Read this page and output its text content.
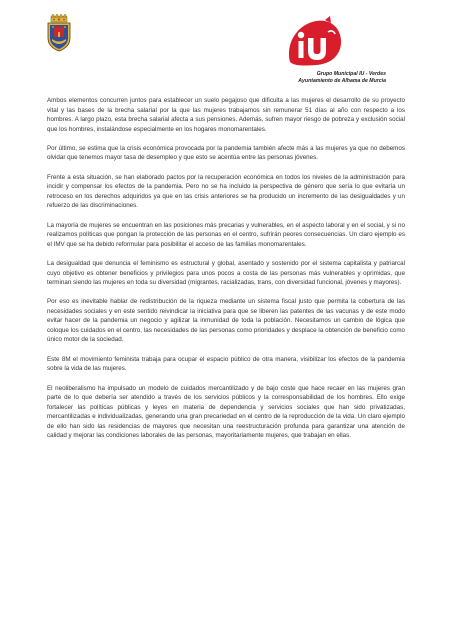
Grupo Municipal IU - Verdes
Ayuntamiento de Alhama de Murcia

Ambos elementos concurren juntos para establecer un suelo pegajoso que dificulta a las mujeres el desarrollo de su proyecto vital y las bases de la brecha salarial por la que las mujeres trabajamos sin remunerar 51 días al año con respecto a los hombres. A largo plazo, esta brecha salarial afecta a sus pensiones. Además, sufren mayor riesgo de pobreza y exclusión social que los hombres, instalándose especialmente en los hogares monomarentales.

Por último, se estima que la crisis económica provocada por la pandemia también afecte más a las mujeres ya que no debemos olvidar que tenemos mayor tasa de desempleo y que esto se acentúa entre las personas jóvenes.

Frente a esta situación, se han elaborado pactos por la recuperación económica en todos los niveles de la administración para incidir y compensar los efectos de la pandemia. Pero no se ha incluido la perspectiva de género que sería lo que evitaría un retroceso en los derechos adquiridos ya que en las crisis anteriores se ha producido un incremento de las desigualdades y un refuerzo de las discriminaciones.

La mayoría de mujeres se encuentran en las posiciones más precarias y vulnerables, en el aspecto laboral y en el social, y si no realizamos políticas que pongan la protección de las personas en el centro, sufrirán peores consecuencias. Un claro ejemplo es el IMV que se ha debido reformular para posibilitar el acceso de las familias monomarentales.

La desigualdad que denuncia el feminismo es estructural y global, asentado y sostenido por el sistema capitalista y patriarcal cuyo objetivo es obtener beneficios y privilegios para unos pocos a costa de las personas más vulnerables y oprimidas, que terminan siendo las mujeres en toda su diversidad (migrantes, racializadas, trans, con diversidad funcional, jóvenes y mayores).

Por eso es inevitable hablar de redistribución de la riqueza mediante un sistema fiscal justo que permita la cobertura de las necesidades sociales y en este sentido reivindicar la iniciativa para que se liberen las patentes de las vacunas y de este modo evitar hacer de la pandemia un negocio y agilizar la inmunidad de toda la población. Necesitamos un cambio de lógica que coloque los cuidados en el centro, las necesidades de las personas como prioridades y desplace la obtención de beneficio como único motor de la sociedad.

Este 8M el movimiento feminista trabaja para ocupar el espacio público de otra manera, visibilizar los efectos de la pandemia sobre la vida de las mujeres.

El neoliberalismo ha impulsado un modelo de cuidados mercantilizado y de bajo coste que hace recaer en las mujeres gran parte de lo que debería ser atendido a través de los servicios públicos y la corresponsabilidad de los hombres. Ello exige fortalecer las políticas públicas y leyes en materia de dependencia y servicios sociales que han sido privatizadas, mercantilizadas e individualizadas, generando una gran precariedad en el centro de la reproducción de la vida. Un claro ejemplo de ello han sido las residencias de mayores que necesitan una reestructuración profunda para garantizar una atención de calidad y mejorar las condiciones laborales de las personas, mayoritariamente mujeres, que trabajan en ellas.
